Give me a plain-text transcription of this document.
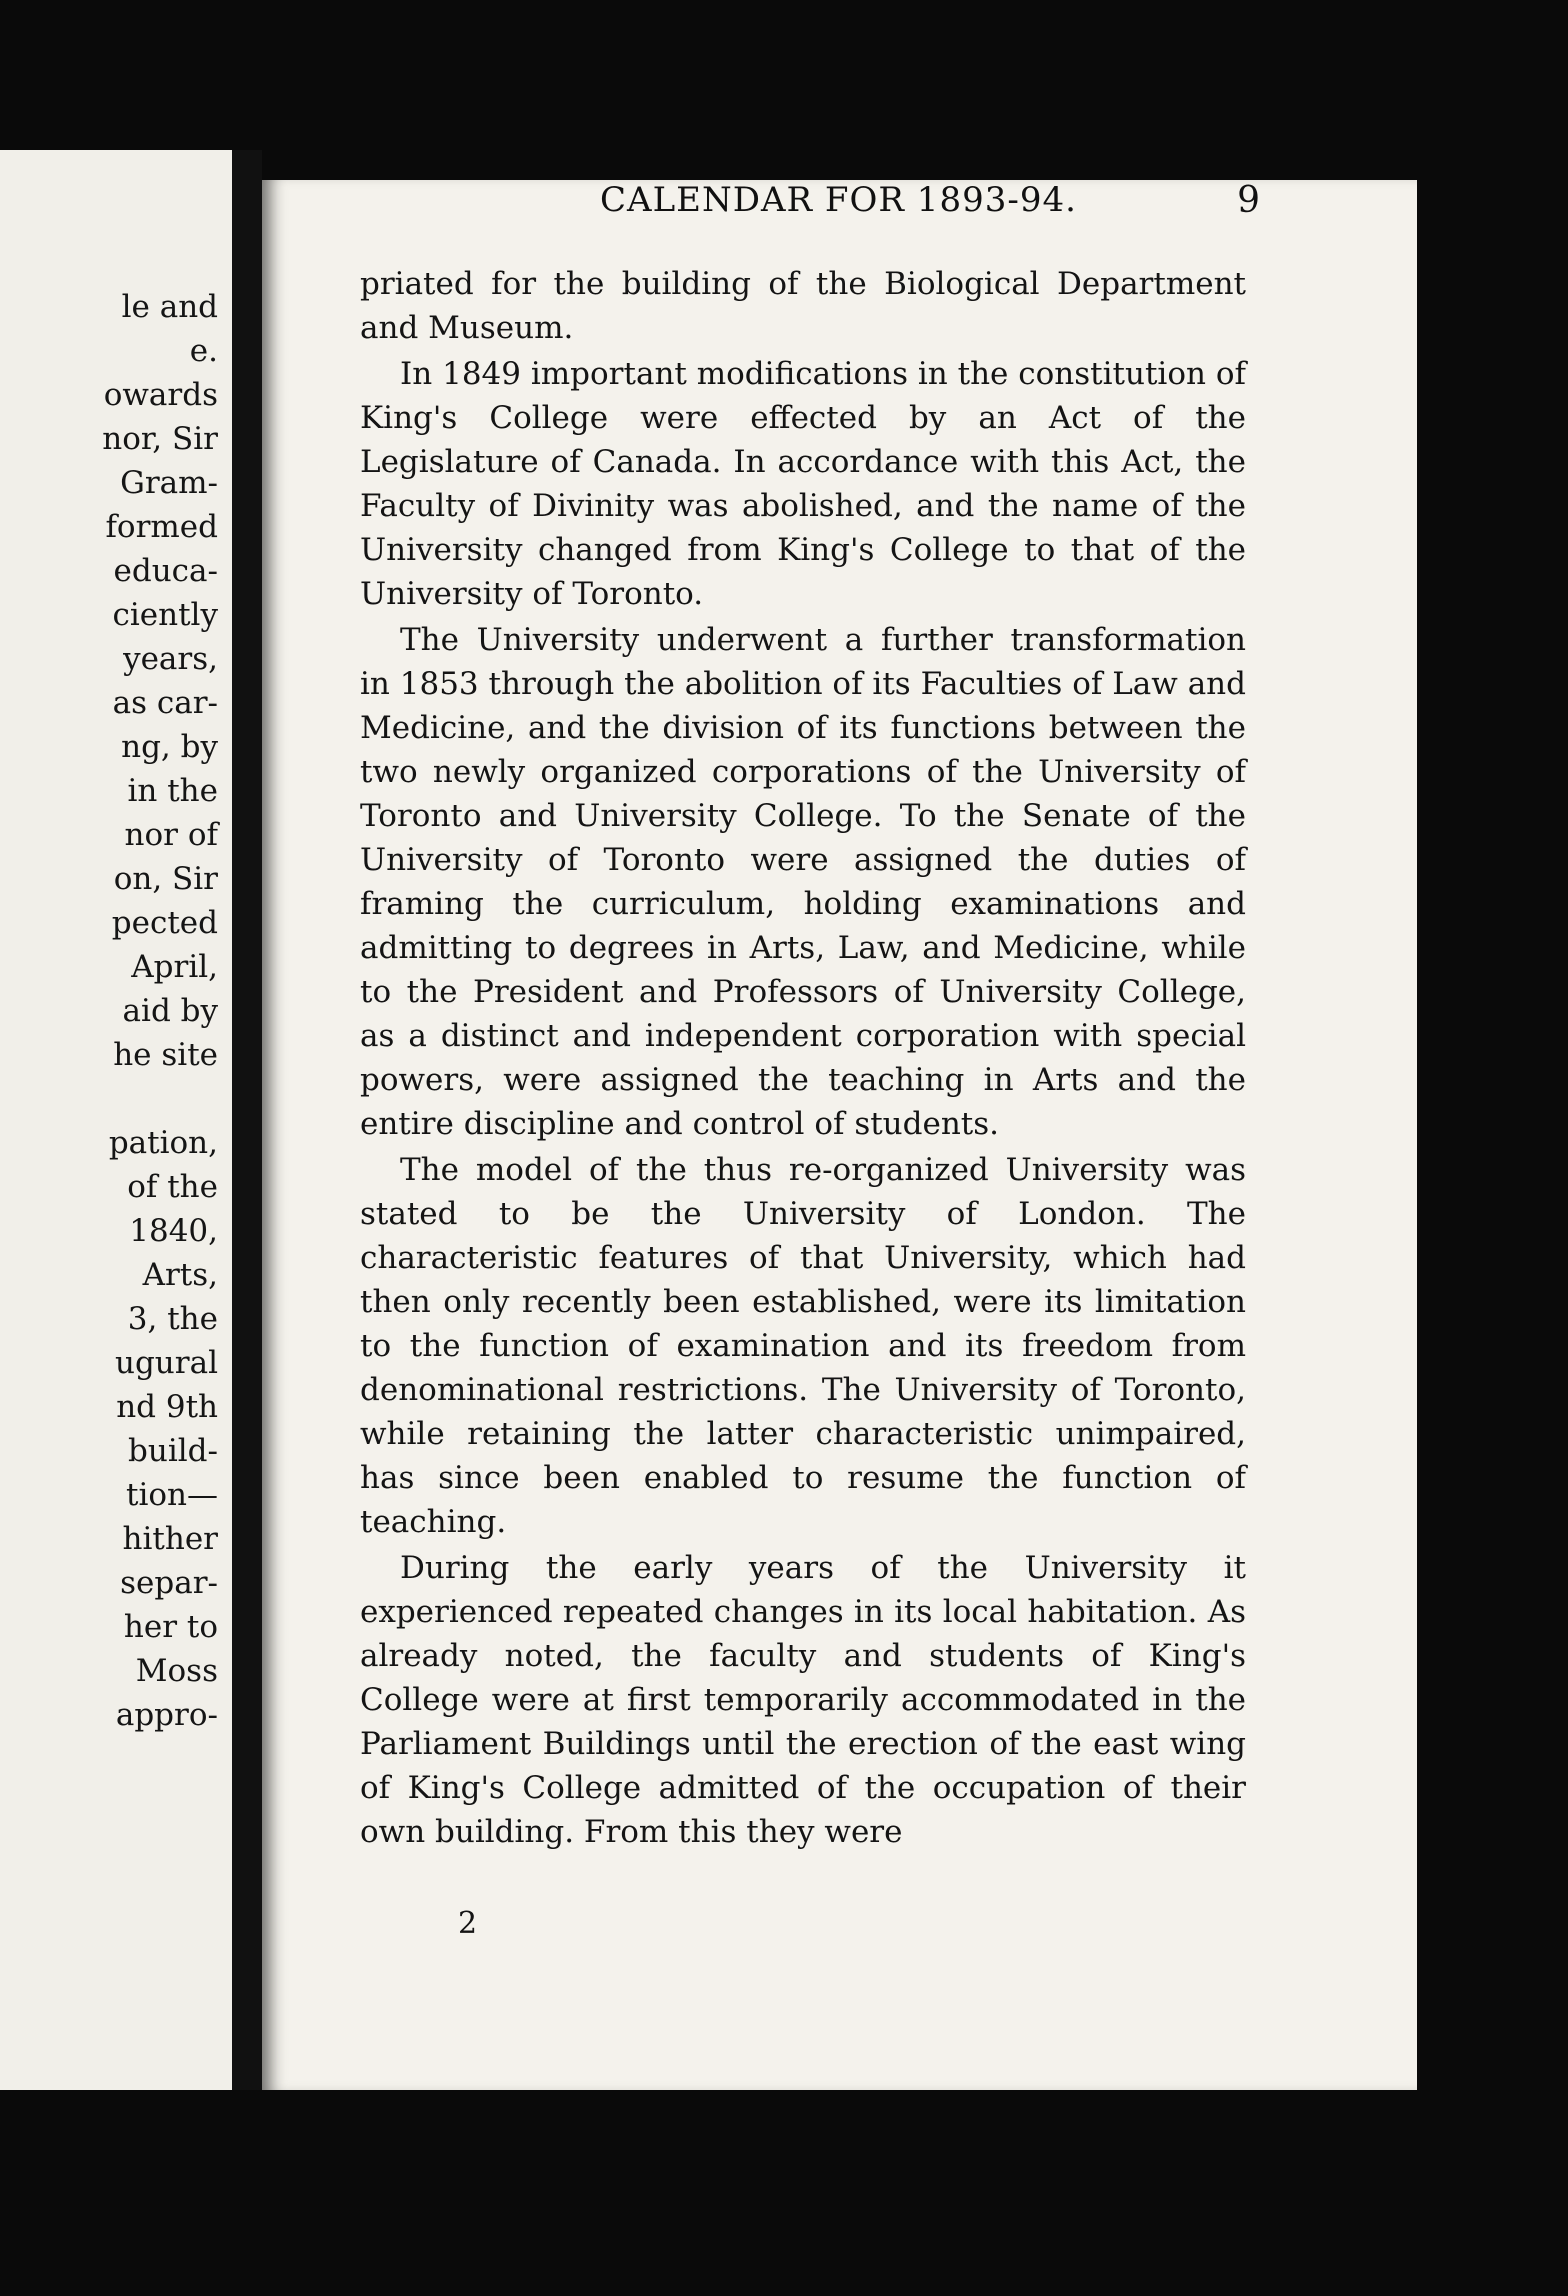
le and
e.
owards
nor, Sir
Gram-
formed
educa-
ciently
years,
as car-
ng, by
in the
nor of
on, Sir
pected
April,
aid by
he site
pation,
of the
1840,
Arts,
3, the
ugural
nd 9th
build-
tion—
hither
separ-
her to
Moss
appro-
CALENDAR FOR 1893-94.	9

priated for the building of the Biological Department and Museum.

In 1849 important modifications in the constitution of King's College were effected by an Act of the Legislature of Canada. In accordance with this Act, the Faculty of Divinity was abolished, and the name of the University changed from King's College to that of the University of Toronto.

The University underwent a further transformation in 1853 through the abolition of its Faculties of Law and Medicine, and the division of its functions between the two newly organized corporations of the University of Toronto and University College. To the Senate of the University of Toronto were assigned the duties of framing the curriculum, holding examinations and admitting to degrees in Arts, Law, and Medicine, while to the President and Professors of University College, as a distinct and independent corporation with special powers, were assigned the teaching in Arts and the entire discipline and control of students.

The model of the thus re-organized University was stated to be the University of London. The characteristic features of that University, which had then only recently been established, were its limitation to the function of examination and its freedom from denominational restrictions. The University of Toronto, while retaining the latter characteristic unimpaired, has since been enabled to resume the function of teaching.

During the early years of the University it experienced repeated changes in its local habitation. As already noted, the faculty and students of King's College were at first temporarily accommodated in the Parliament Buildings until the erection of the east wing of King's College admitted of the occupation of their own building. From this they were

2
